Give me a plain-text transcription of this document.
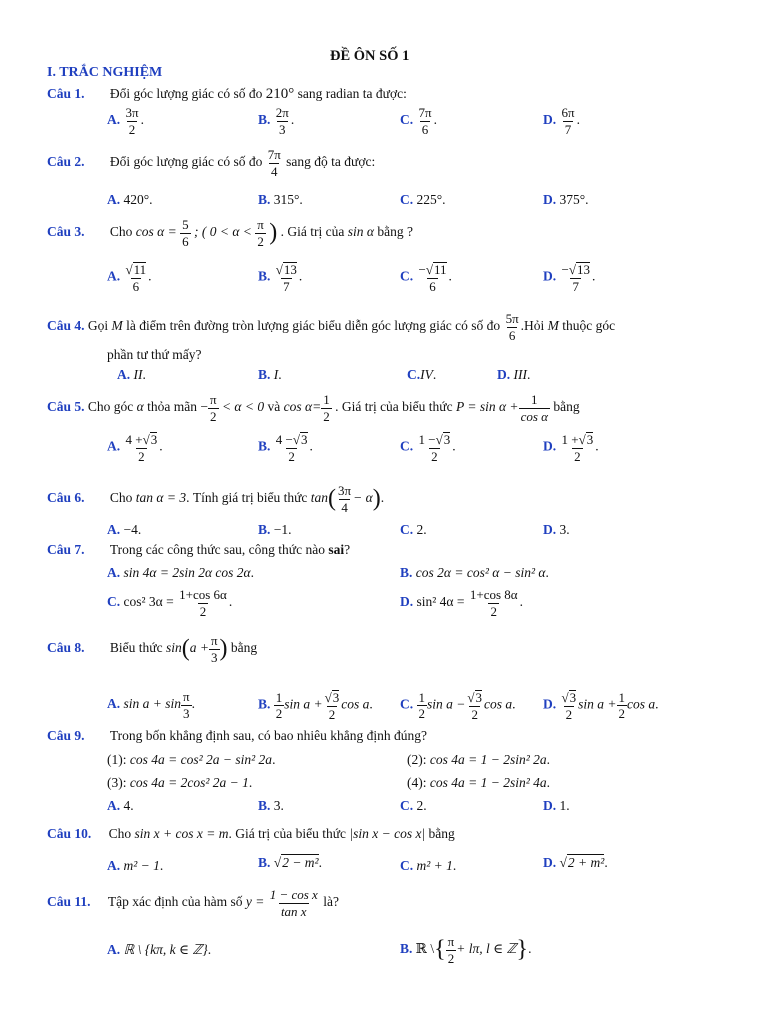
ĐỀ ÔN SỐ 1
I. TRẮC NGHIỆM
Câu 1. Đổi góc lượng giác có số đo 210° sang radian ta được:
A. $\frac{3\pi}{2}$ .	B. $\frac{2\pi}{3}$ .	C. $\frac{7\pi}{6}$ .	D. $\frac{6\pi}{7}$ .
Câu 2. Đổi góc lượng giác có số đo $\frac{7\pi}{4}$ sang độ ta được:
A. 420°.	B. 315°.	C. 225°.	D. 375°.
Câu 3. Cho $\cos \alpha = \frac{5}{6}$ ; ( $0 < \alpha < \frac{\pi}{2}$ ) . Giá trị của sin α bằng ?
A. √ $\frac{11}{6}$ .	B. √ $\frac{13}{7}$ .	C. $\frac{- √ 11}{6}$ .	D. $\frac{- √ 13}{7}$ .
Câu 4. Gọi M là điểm trên đường tròn lượng giác biểu diễn góc lượng giác có số đo $\frac{5\pi}{6}$ .Hỏi M thuộc góc
phần tư thứ mấy?
A. II.	B. I.	C.IV.	D. III.
Câu 5. Cho góc α thỏa mãn − $\frac{\pi}{2} < \alpha < 0$ và $\cos \alpha= \frac{1}{2}$ . Giá trị của biểu thức $P = \sin \alpha + \frac{1}{\text{cos α}}$ bằng
A. $\frac{4 + √ 3}{2}$ .	B. $\frac{4 - √ 3}{2}$ .	C. $\frac{1 - √ 3}{2}$ .	D. $\frac{1 + √ 3}{2}$ .
Câu 6. Cho tan α = 3. Tính giá trị biểu thức $\tan( \frac{3\pi}{4} - \alpha)$.
A. −4.	B. −1.	C. 2.	D. 3.
Câu 7. Trong các công thức sau, công thức nào sai?
A. sin 4α = 2sin 2α cos 2α.	B. cos 2α = cos² α − sin² α.
C. cos² $3\alpha = \frac{1+\cos 6\alpha}{2}$ .	D. sin² $4\alpha = \frac{1+\cos 8\alpha}{2}$ .
Câu 8. Biểu thức $\sin(a + \frac{\pi}{3}$ ) bằng
A. $\sin a + \sin \frac{\pi}{3}$ .	B. $\frac{1}{2}$ sin a + √ $\frac{3}{2}$ cos a. C. $\frac{1}{2}$ sin a − √ $\frac{3}{2}$ cos a. D. √ $\frac{3}{2}$ $\sin a + \frac{1}{2}$ cos a.
Câu 9. Trong bốn khẳng định sau, có bao nhiêu khẳng định đúng?
(1): cos 4a = cos² 2a − sin² 2a.	(2): cos 4a = 1 − 2sin² 2a.
(3): cos 4a = 2cos² 2a − 1.	(4): cos 4a = 1 − 2sin² 4a.
A. 4.	B. 3.	C. 2.	D. 1.
Câu 10. Cho sin x + cos x = m. Giá trị của biểu thức |sin x − cos x| bằng
A. m² − 1.	B. √ 2 − m².	C. m² + 1.	D. √ 2 + m².
Câu 11. Tập xác định của hàm số $y = \frac{\text{1 − cos x}}{\text{tan x}}$ là?
A. ℝ \ {kπ, k ∈ ℤ}.	B. ℝ \{ $\frac{\pi}{2} + l\pi$, l ∈ ℤ}.
